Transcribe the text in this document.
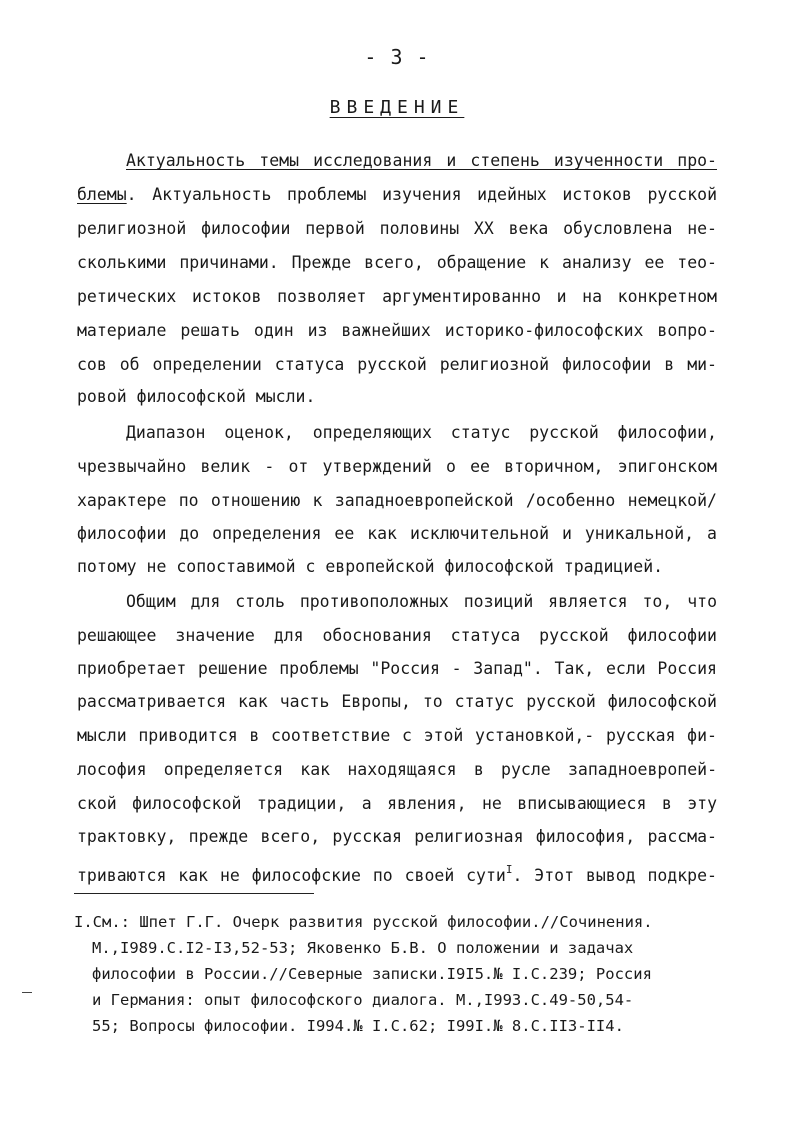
- 3 -
ВВЕДЕНИЕ
Актуальность темы исследования и степень изученности про-
блемы. Актуальность проблемы изучения идейных истоков русской
религиозной философии первой половины XX века обусловлена не-
сколькими причинами. Прежде всего, обращение к анализу ее тео-
ретических истоков позволяет аргументированно и на конкретном
материале решать один из важнейших историко-философских вопро-
сов об определении статуса русской религиозной философии в ми-
ровой философской мысли.
Диапазон оценок, определяющих статус русской философии,
чрезвычайно велик - от утверждений о ее вторичном, эпигонском
характере по отношению к западноевропейской /особенно немецкой/
философии до определения ее как исключительной и уникальной, а
потому не сопоставимой с европейской философской традицией.
Общим для столь противоположных позиций является то, что
решающее значение для обоснования статуса русской философии
приобретает решение проблемы "Россия - Запад". Так, если Россия
рассматривается как часть Европы, то статус русской философской
мысли приводится в соответствие с этой установкой,- русская фи-
лософия определяется как находящаяся в русле западноевропей-
ской философской традиции, а явления, не вписывающиеся в эту
трактовку, прежде всего, русская религиозная философия, рассма-
триваются как не философские по своей сути$^I$. Этот вывод подкре-
I.См.: Шпет Г.Г. Очерк развития русской философии.//Сочинения.
М.,I989.С.I2-I3,52-53; Яковенко Б.В. О положении и задачах
философии в России.//Северные записки.I9I5.№ I.С.239; Россия
и Германия: опыт философского диалога. М.,I993.С.49-50,54-
55; Вопросы философии. I994.№ I.С.62; I99I.№ 8.С.II3-II4.
